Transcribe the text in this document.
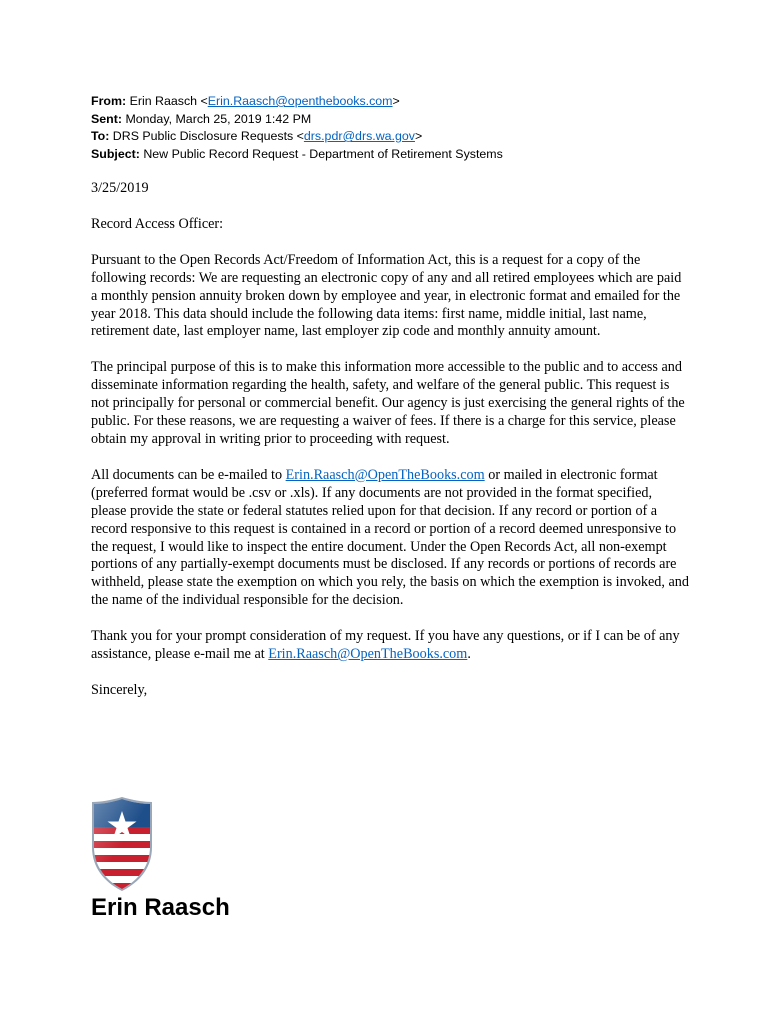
From: Erin Raasch <Erin.Raasch@openthebooks.com>
Sent: Monday, March 25, 2019 1:42 PM
To: DRS Public Disclosure Requests <drs.pdr@drs.wa.gov>
Subject: New Public Record Request - Department of Retirement Systems

3/25/2019

Record Access Officer:

Pursuant to the Open Records Act/Freedom of Information Act, this is a request for a copy of the following records: We are requesting an electronic copy of any and all retired employees which are paid a monthly pension annuity broken down by employee and year, in electronic format and emailed for the year 2018. This data should include the following data items: first name, middle initial, last name, retirement date, last employer name, last employer zip code and monthly annuity amount.

The principal purpose of this is to make this information more accessible to the public and to access and disseminate information regarding the health, safety, and welfare of the general public. This request is not principally for personal or commercial benefit. Our agency is just exercising the general rights of the public. For these reasons, we are requesting a waiver of fees. If there is a charge for this service, please obtain my approval in writing prior to proceeding with request.

All documents can be e-mailed to Erin.Raasch@OpenTheBooks.com or mailed in electronic format (preferred format would be .csv or .xls). If any documents are not provided in the format specified, please provide the state or federal statutes relied upon for that decision. If any record or portion of a record responsive to this request is contained in a record or portion of a record deemed unresponsive to the request, I would like to inspect the entire document. Under the Open Records Act, all non-exempt portions of any partially-exempt documents must be disclosed. If any records or portions of records are withheld, please state the exemption on which you rely, the basis on which the exemption is invoked, and the name of the individual responsible for the decision.

Thank you for your prompt consideration of my request. If you have any questions, or if I can be of any assistance, please e-mail me at Erin.Raasch@OpenTheBooks.com.

Sincerely,

Erin Raasch
